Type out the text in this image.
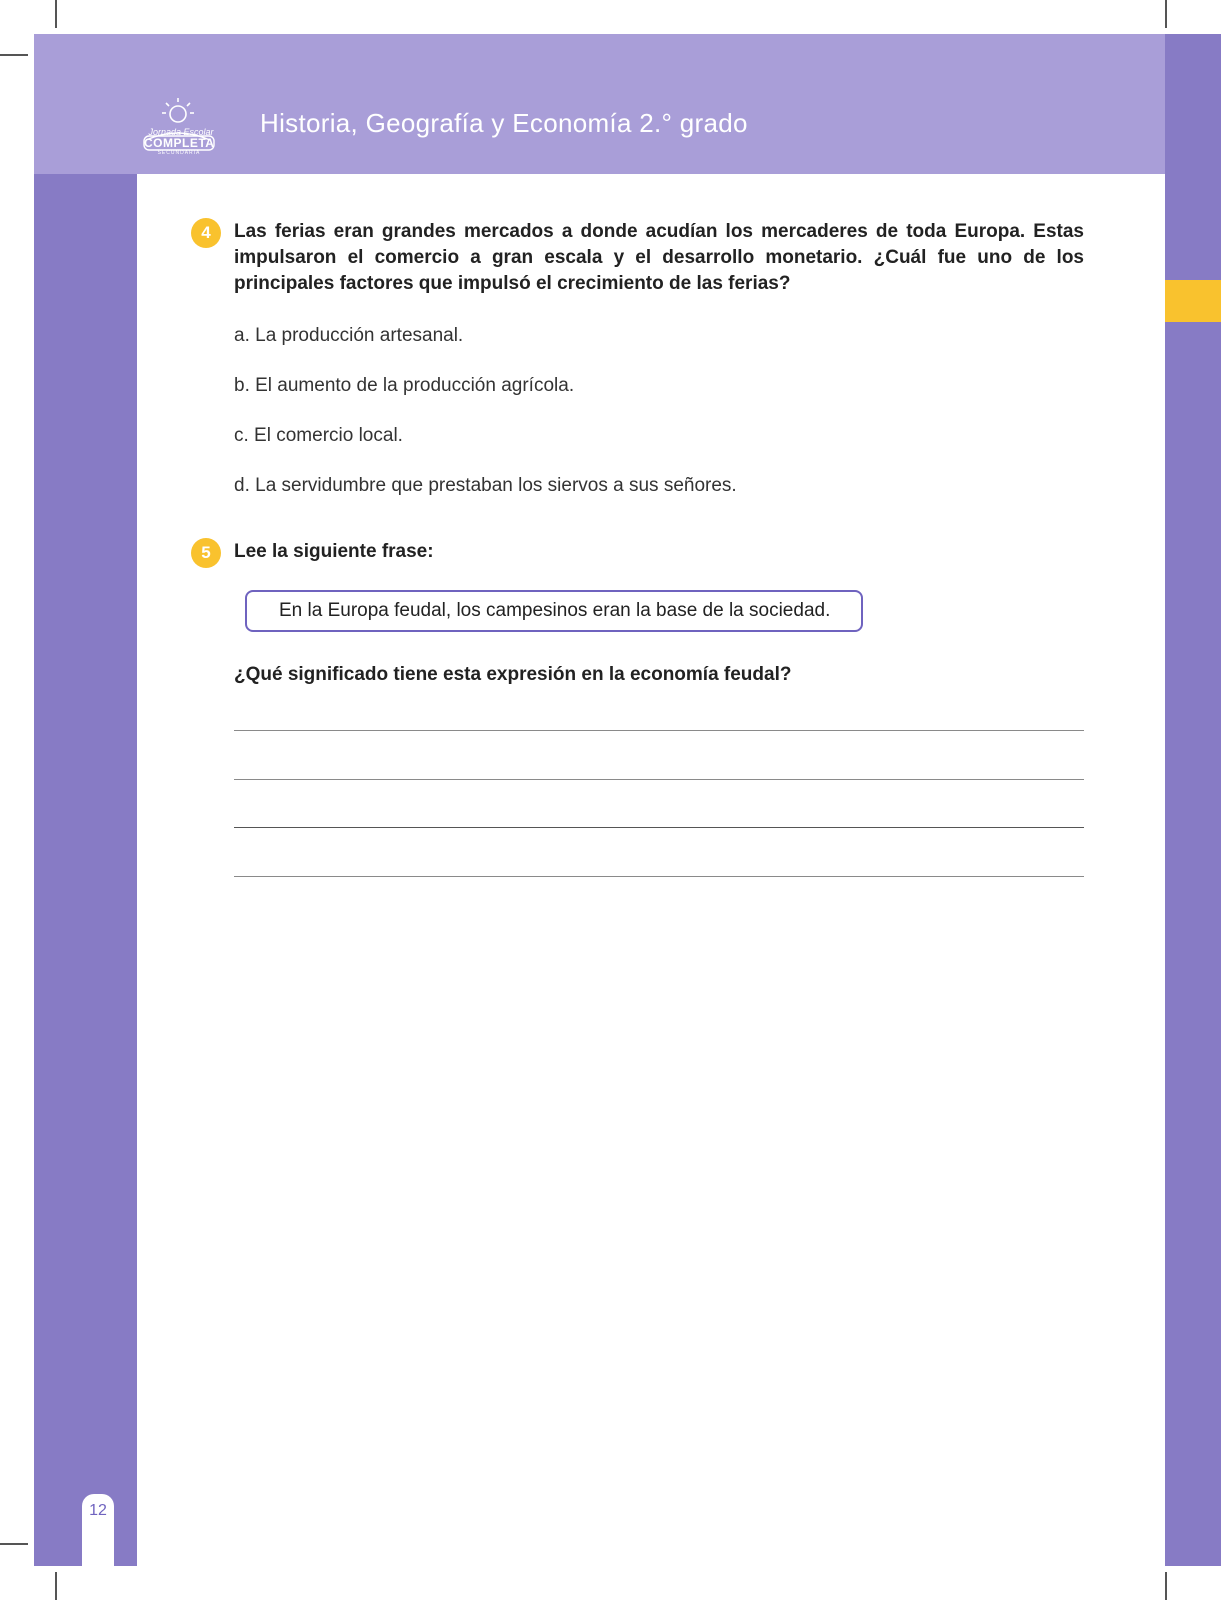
Jornada Escolar
COMPLETA
SECUNDARIA
Historia, Geografía y Economía 2.° grado
4	Las ferias eran grandes mercados a donde acudían los mercaderes de toda Europa. Estas impulsaron el comercio a gran escala y el desarrollo monetario. ¿Cuál fue uno de los principales factores que impulsó el crecimiento de las ferias?
a. La producción artesanal.
b. El aumento de la producción agrícola.
c. El comercio local.
d. La servidumbre que prestaban los siervos a sus señores.
5	Lee la siguiente frase:
En la Europa feudal, los campesinos eran la base de la sociedad.
¿Qué significado tiene esta expresión en la economía feudal?
12
